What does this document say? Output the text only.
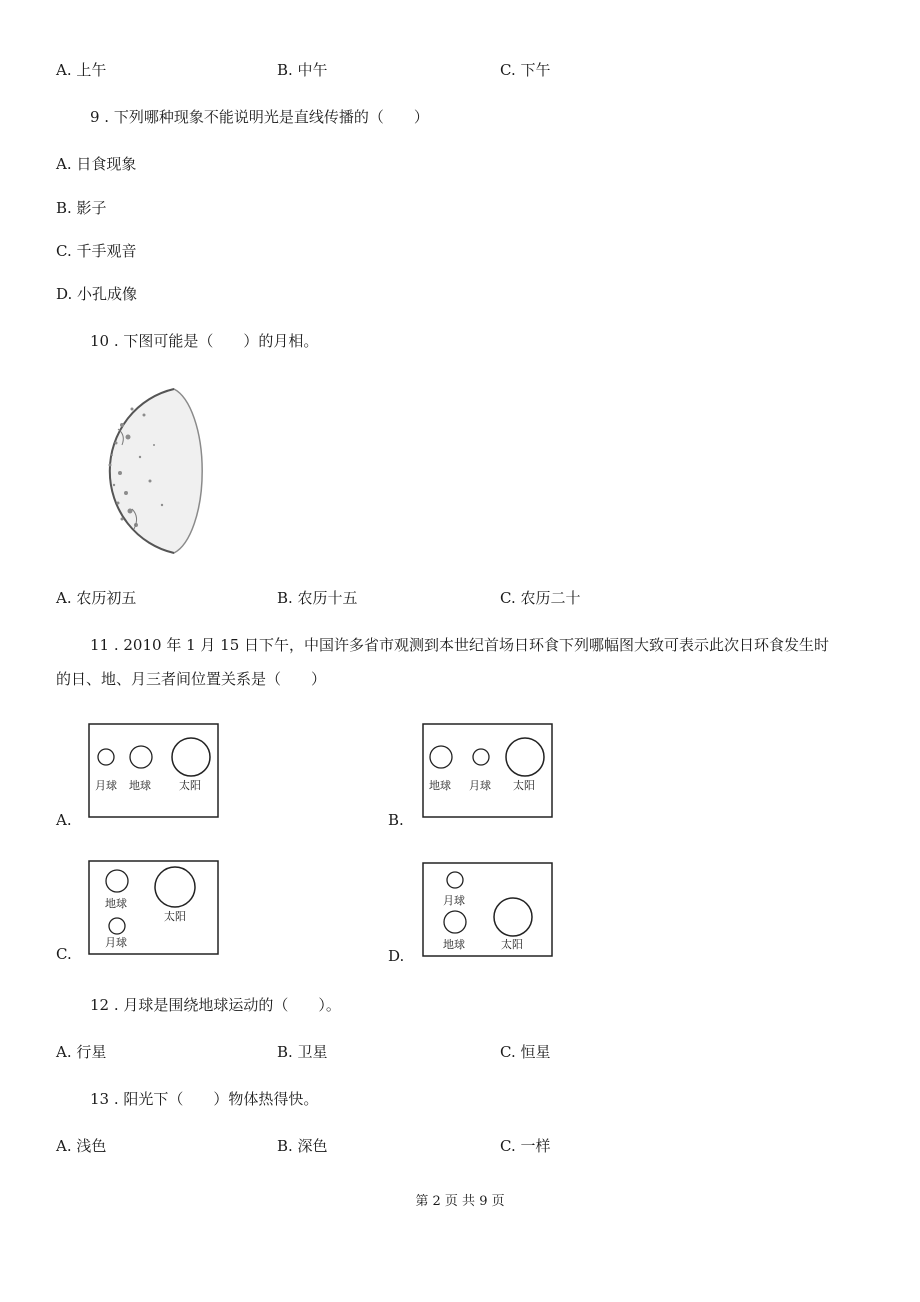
A. 上午	B. 中午	C. 下午
9 . 下列哪种现象不能说明光是直线传播的（　　）
A. 日食现象
B. 影子
C. 千手观音
D. 小孔成像
10 . 下图可能是（　　）的月相。
A. 农历初五	B. 农历十五	C. 农历二十
11 . 2010 年 1 月 15 日下午，中国许多省市观测到本世纪首场日环食下列哪幅图大致可表示此次日环食发生时
的日、地、月三者间位置关系是（　　）
A.
月球 地球	太阳
B.
地球 月球 太阳
C.
地球
月球
太阳
D.
月球
地球	太阳
12 . 月球是围绕地球运动的（　　）。
A. 行星	B. 卫星	C. 恒星
13 . 阳光下（　　）物体热得快。
A. 浅色	B. 深色	C. 一样
第 2 页 共 9 页
